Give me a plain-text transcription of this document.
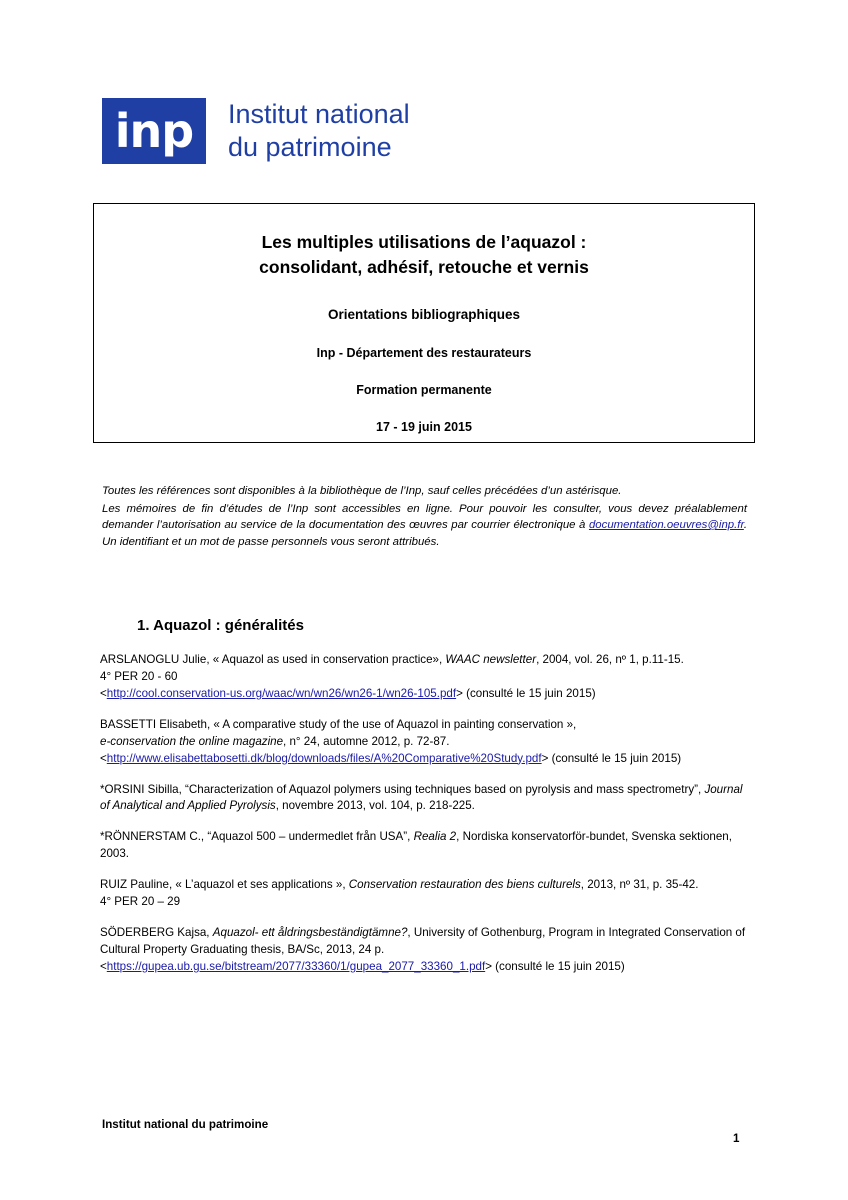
inp	Institut national
du patrimoine
Les multiples utilisations de l’aquazol :
consolidant, adhésif, retouche et vernis
Orientations bibliographiques
Inp - Département des restaurateurs
Formation permanente
17 - 19 juin 2015

Toutes les références sont disponibles à la bibliothèque de l’Inp, sauf celles précédées d’un astérisque.

Les mémoires de fin d’études de l’Inp sont accessibles en ligne. Pour pouvoir les consulter, vous devez préalablement demander l’autorisation au service de la documentation des œuvres par courrier électronique à documentation.oeuvres@inp.fr. Un identifiant et un mot de passe personnels vous seront attribués.

1. Aquazol : généralités
ARSLANOGLU Julie, « Aquazol as used in conservation practice», WAAC newsletter, 2004, vol. 26, nº 1, p.11-15.
4° PER 20 - 60
<http://cool.conservation-us.org/waac/wn/wn26/wn26-1/wn26-105.pdf> (consulté le 15 juin 2015)
BASSETTI Elisabeth, « A comparative study of the use of Aquazol in painting conservation »,
e-conservation the online magazine, n° 24, automne 2012, p. 72-87.
<http://www.elisabettabosetti.dk/blog/downloads/files/A%20Comparative%20Study.pdf> (consulté le 15 juin 2015)
*ORSINI Sibilla, “Characterization of Aquazol polymers using techniques based on pyrolysis and mass spectrometry”, Journal of Analytical and Applied Pyrolysis, novembre 2013, vol. 104, p. 218-225.
*RÖNNERSTAM C., “Aquazol 500 – undermedlet från USA”, Realia 2, Nordiska konservatorför-bundet, Svenska sektionen, 2003.
RUIZ Pauline, « L’aquazol et ses applications », Conservation restauration des biens culturels, 2013, nº 31, p. 35-42.
4° PER 20 – 29
SÖDERBERG Kajsa, Aquazol- ett åldringsbeständigtämne?, University of Gothenburg, Program in Integrated Conservation of Cultural Property Graduating thesis, BA/Sc, 2013, 24 p.
<https://gupea.ub.gu.se/bitstream/2077/33360/1/gupea_2077_33360_1.pdf> (consulté le 15 juin 2015)
Institut national du patrimoine
1
